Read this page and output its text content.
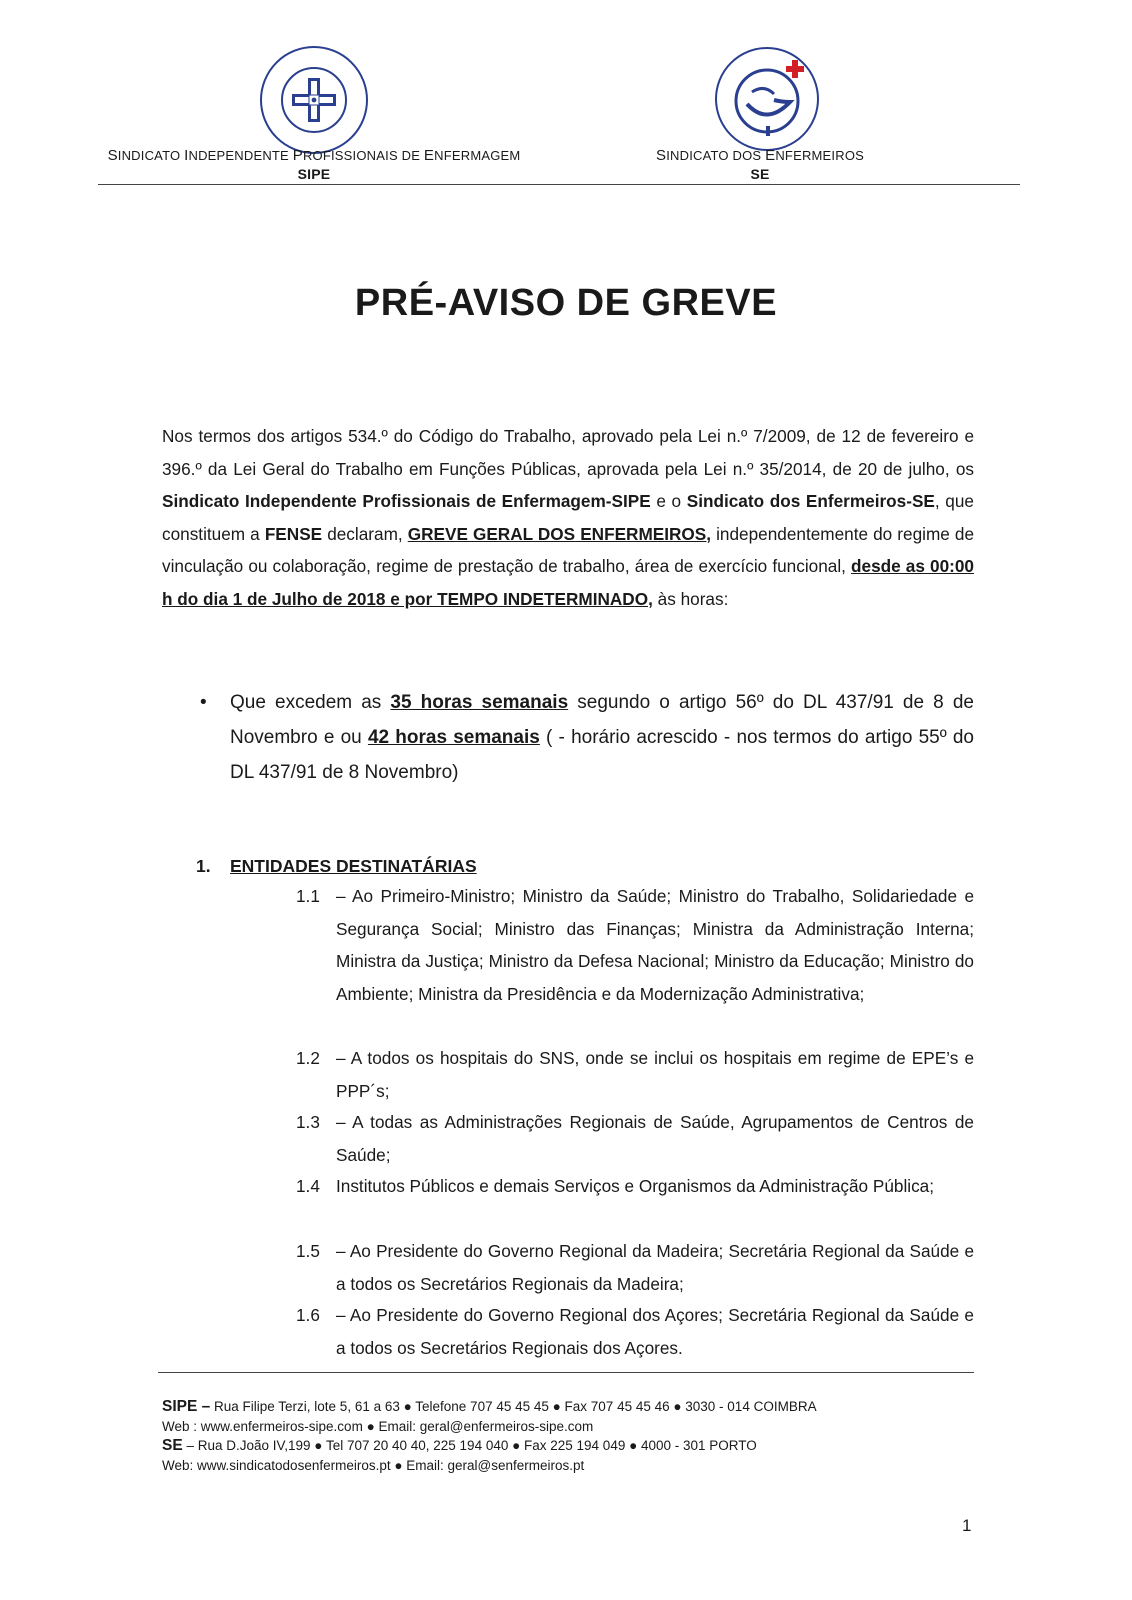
SINDICATO INDEPENDENTE PROFISSIONAIS DE ENFERMAGEM
SIPE
SINDICATO DOS ENFERMEIROS
SE
PRÉ-AVISO DE GREVE
Nos termos dos artigos 534.º do Código do Trabalho, aprovado pela Lei n.º 7/2009, de 12 de fevereiro e 396.º da Lei Geral do Trabalho em Funções Públicas, aprovada pela Lei n.º 35/2014, de 20 de julho, os Sindicato Independente Profissionais de Enfermagem-SIPE e o Sindicato dos Enfermeiros-SE, que constituem a FENSE declaram, GREVE GERAL DOS ENFERMEIROS, independentemente do regime de vinculação ou colaboração, regime de prestação de trabalho, área de exercício funcional, desde as 00:00 h do dia 1 de Julho de 2018 e por TEMPO INDETERMINADO, às horas:
• Que excedem as 35 horas semanais segundo o artigo 56º do DL 437/91 de 8 de Novembro e ou 42 horas semanais ( - horário acrescido - nos termos do artigo 55º do DL 437/91 de 8 Novembro)
1. ENTIDADES DESTINATÁRIAS
1.1 – Ao Primeiro-Ministro; Ministro da Saúde; Ministro do Trabalho, Solidariedade e Segurança Social; Ministro das Finanças; Ministra da Administração Interna; Ministra da Justiça; Ministro da Defesa Nacional; Ministro da Educação; Ministro do Ambiente; Ministra da Presidência e da Modernização Administrativa;
1.2 – A todos os hospitais do SNS, onde se inclui os hospitais em regime de EPE’s e PPP´s;
1.3 – A todas as Administrações Regionais de Saúde, Agrupamentos de Centros de Saúde;
1.4 Institutos Públicos e demais Serviços e Organismos da Administração Pública;
1.5 – Ao Presidente do Governo Regional da Madeira; Secretária Regional da Saúde e a todos os Secretários Regionais da Madeira;
1.6 – Ao Presidente do Governo Regional dos Açores; Secretária Regional da Saúde e a todos os Secretários Regionais dos Açores.
SIPE – Rua Filipe Terzi, lote 5, 61 a 63 ● Telefone 707 45 45 45 ● Fax 707 45 45 46 ● 3030 - 014 COIMBRA
Web : www.enfermeiros-sipe.com ● Email: geral@enfermeiros-sipe.com
SE – Rua D.João IV,199 ● Tel 707 20 40 40, 225 194 040 ● Fax 225 194 049 ● 4000 - 301 PORTO
Web: www.sindicatodosenfermeiros.pt ● Email: geral@senfermeiros.pt
1
